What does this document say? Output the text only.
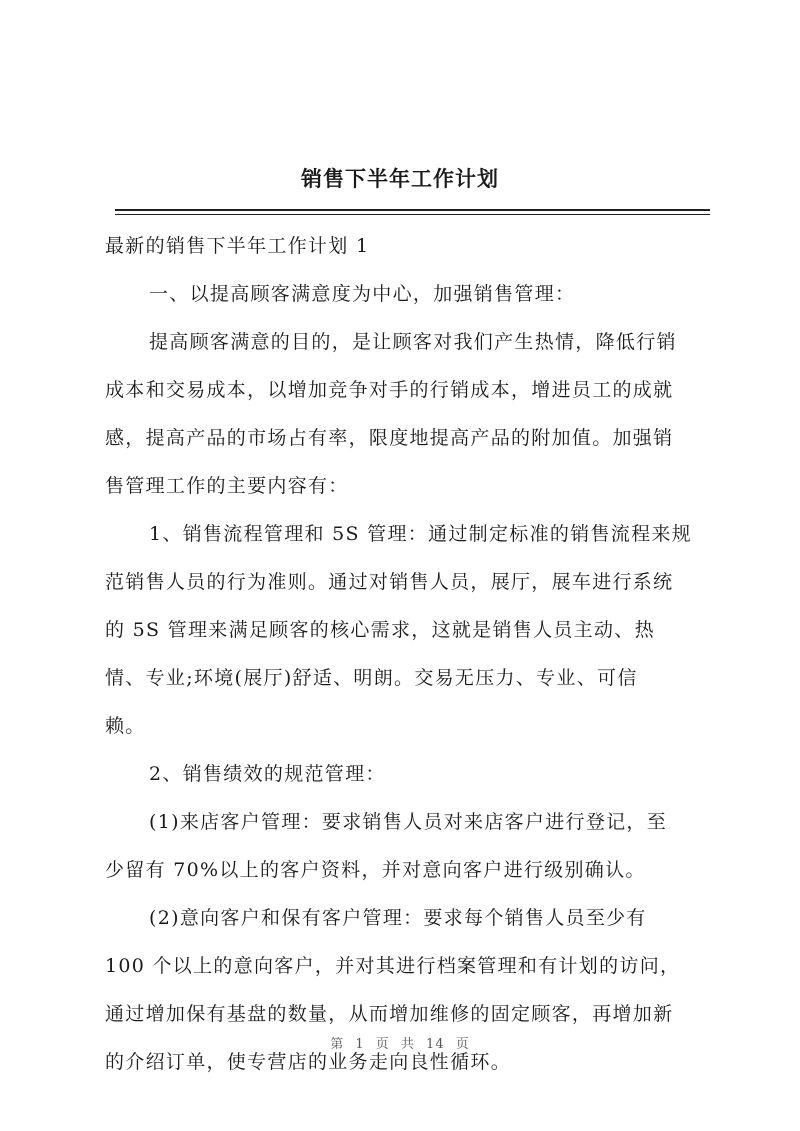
销售下半年工作计划
最新的销售下半年工作计划 1
一、以提高顾客满意度为中心，加强销售管理：
提高顾客满意的目的，是让顾客对我们产生热情，降低行销
成本和交易成本，以增加竞争对手的行销成本，增进员工的成就
感，提高产品的市场占有率，限度地提高产品的附加值。加强销
售管理工作的主要内容有：
1、销售流程管理和 5S 管理：通过制定标准的销售流程来规
范销售人员的行为准则。通过对销售人员，展厅，展车进行系统
的 5S 管理来满足顾客的核心需求，这就是销售人员主动、热
情、专业;环境(展厅)舒适、明朗。交易无压力、专业、可信
赖。
2、销售绩效的规范管理：
(1)来店客户管理：要求销售人员对来店客户进行登记，至
少留有 70%以上的客户资料，并对意向客户进行级别确认。
(2)意向客户和保有客户管理：要求每个销售人员至少有
100 个以上的意向客户，并对其进行档案管理和有计划的访问，
通过增加保有基盘的数量，从而增加维修的固定顾客，再增加新
的介绍订单，使专营店的业务走向良性循环。
第 1 页 共 14 页
